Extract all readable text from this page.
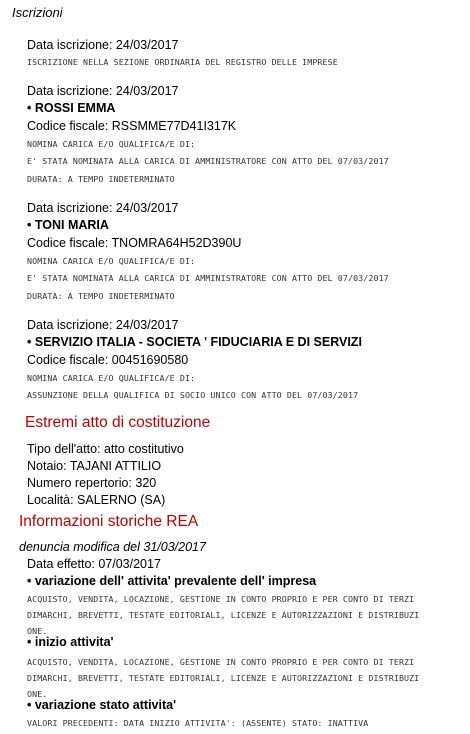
Iscrizioni
Data iscrizione: 24/03/2017
ISCRIZIONE NELLA SEZIONE ORDINARIA DEL REGISTRO DELLE IMPRESE
Data iscrizione: 24/03/2017
• ROSSI EMMA
Codice fiscale: RSSMME77D41I317K
NOMINA CARICA E/O QUALIFICA/E DI:
E' STATA NOMINATA ALLA CARICA DI AMMINISTRATORE CON ATTO DEL 07/03/2017
DURATA: A TEMPO INDETERMINATO
Data iscrizione: 24/03/2017
• TONI MARIA
Codice fiscale: TNOMRA64H52D390U
NOMINA CARICA E/O QUALIFICA/E DI:
E' STATA NOMINATA ALLA CARICA DI AMMINISTRATORE CON ATTO DEL 07/03/2017
DURATA: A TEMPO INDETERMINATO
Data iscrizione: 24/03/2017
• SERVIZIO ITALIA - SOCIETA ' FIDUCIARIA E DI SERVIZI
Codice fiscale: 00451690580
NOMINA CARICA E/O QUALIFICA/E DI:
ASSUNZIONE DELLA QUALIFICA DI SOCIO UNICO CON ATTO DEL 07/03/2017
Estremi atto di costituzione
Tipo dell'atto: atto costitutivo
Notaio: TAJANI ATTILIO
Numero repertorio: 320
Località: SALERNO (SA)
Informazioni storiche REA
denuncia modifica del 31/03/2017
Data effetto: 07/03/2017
• variazione dell' attivita' prevalente dell' impresa
ACQUISTO, VENDITA, LOCAZIONE, GESTIONE IN CONTO PROPRIO E PER CONTO DI TERZI
DIMARCHI, BREVETTI, TESTATE EDITORIALI, LICENZE E AUTORIZZAZIONI E DISTRIBUZI
ONE.
• inizio attivita'
ACQUISTO, VENDITA, LOCAZIONE, GESTIONE IN CONTO PROPRIO E PER CONTO DI TERZI
DIMARCHI, BREVETTI, TESTATE EDITORIALI, LICENZE E AUTORIZZAZIONI E DISTRIBUZI
ONE.
• variazione stato attivita'
VALORI PRECEDENTI: DATA INIZIO ATTIVITA': (ASSENTE) STATO: INATTIVA
